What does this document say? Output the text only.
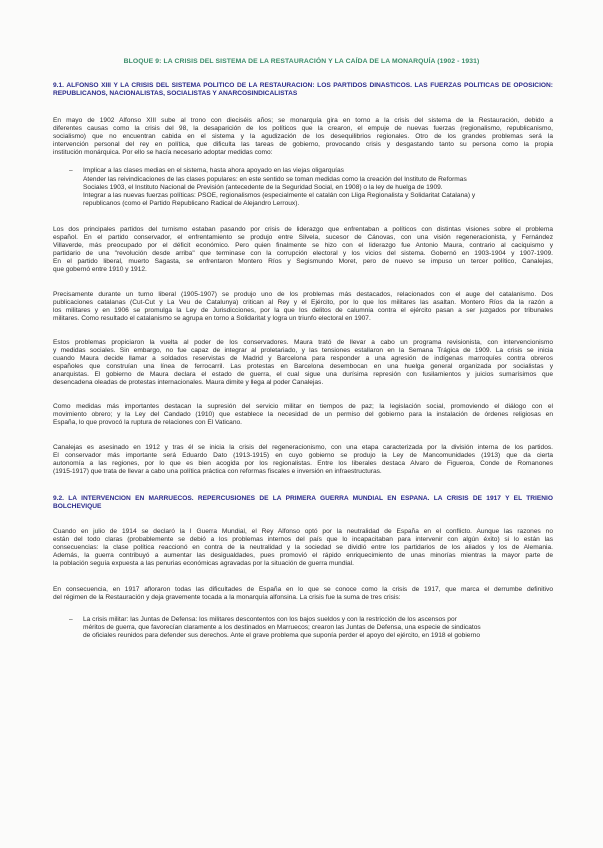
BLOQUE 9: LA CRISIS DEL SISTEMA DE LA RESTAURACIÓN Y LA CAÍDA DE LA MONARQUÍA (1902 - 1931)
9.1. ALFONSO XIII Y LA CRISIS DEL SISTEMA POLÍTICO DE LA RESTAURACIÓN: LOS PARTIDOS DINÁSTICOS. LAS FUERZAS POLÍTICAS DE OPOSICIÓN:
REPUBLICANOS, NACIONALISTAS, SOCIALISTAS Y ANARCOSINDICALISTAS
En mayo de 1902 Alfonso XIII sube al trono con dieciséis años; se monarquía gira en torno a la crisis del sistema de la Restauración, debido a
diferentes causas como la crisis del 98, la desaparición de los políticos que la crearon, el empuje de nuevas fuerzas (regionalismo, republicanismo,
socialismo) que no encuentran cabida en el sistema y la agudización de los desequilibrios regionales. Otro de los grandes problemas será la
intervención personal del rey en política, que dificulta las tareas de gobierno, provocando crisis y desgastando tanto su persona como la propia
institución monárquica. Por ello se hacía necesario adoptar medidas como:
– Implicar a las clases medias en el sistema, hasta ahora apoyado en las viejas oligarquías
Atender las reivindicaciones de las clases populares: en este sentido se toman medidas como la creación del Instituto de Reformas
Sociales 1903, el Instituto Nacional de Previsión (antecedente de la Seguridad Social, en 1908) o la ley de huelga de 1909.
Integrar a las nuevas fuerzas políticas: PSOE, regionalismos (especialmente el catalán con Lliga Regionalista y Solidaritat Catalana) y
republicanos (como el Partido Republicano Radical de Alejandro Lerroux).
Los dos principales partidos del turnismo estaban pasando por crisis de liderazgo que enfrentaban a políticos con distintas visiones sobre el problema
español. En el partido conservador, el enfrentamiento se produjo entre Silvela, sucesor de Cánovas, con una visión regeneracionista, y Fernández
Villaverde, más preocupado por el déficit económico. Pero quien finalmente se hizo con el liderazgo fue Antonio Maura, contrario al caciquismo y
partidario de una "revolución desde arriba" que terminase con la corrupción electoral y los vicios del sistema. Gobernó en 1903-1904 y 1907-1909.
En el partido liberal, muerto Sagasta, se enfrentaron Montero Ríos y Segismundo Moret, pero de nuevo se impuso un tercer político, Canalejas,
que gobernó entre 1910 y 1912.
Precisamente durante un turno liberal (1905-1907) se produjo uno de los problemas más destacados, relacionados con el auge del catalanismo. Dos
publicaciones catalanas (Cut-Cut y La Veu de Catalunya) critican al Rey y el Ejército, por lo que los militares las asaltan. Montero Ríos da la razón a
los militares y en 1906 se promulga la Ley de Jurisdicciones, por la que los delitos de calumnia contra el ejército pasan a ser juzgados por tribunales
militares. Como resultado el catalanismo se agrupa en torno a Solidaritat y logra un triunfo electoral en 1907.
Estos problemas propiciaron la vuelta al poder de los conservadores. Maura trató de llevar a cabo un programa revisionista, con intervencionismo
y medidas sociales. Sin embargo, no fue capaz de integrar al proletariado, y las tensiones estallaron en la Semana Trágica de 1909. La crisis se inicia
cuando Maura decide llamar a soldados reservistas de Madrid y Barcelona para responder a una agresión de indígenas marroquíes contra obreros
españoles que construían una línea de ferrocarril. Las protestas en Barcelona desembocan en una huelga general organizada por socialistas y
anarquistas. El gobierno de Maura declara el estado de guerra, el cual sigue una durísima represión con fusilamientos y juicios sumarísimos que
desencadena oleadas de protestas internacionales. Maura dimite y llega al poder Canalejas.
Como medidas más importantes destacan la supresión del servicio militar en tiempos de paz; la legislación social, promoviendo el diálogo con el
movimiento obrero; y la Ley del Candado (1910) que establece la necesidad de un permiso del gobierno para la instalación de órdenes religiosas en
España, lo que provocó la ruptura de relaciones con El Vaticano.
Canalejas es asesinado en 1912 y tras él se inicia la crisis del regeneracionismo, con una etapa caracterizada por la división interna de los partidos.
El conservador más importante será Eduardo Dato (1913-1915) en cuyo gobierno se produjo la Ley de Mancomunidades (1913) que da cierta
autonomía a las regiones, por lo que es bien acogida por los regionalistas. Entre los liberales destaca Álvaro de Figueroa, Conde de Romanones
(1915-1917) que trata de llevar a cabo una política práctica con reformas fiscales e inversión en infraestructuras.
9.2. LA INTERVENCIÓN EN MARRUECOS. REPERCUSIONES DE LA PRIMERA GUERRA MUNDIAL EN ESPAÑA. LA CRISIS DE 1917 Y EL TRIENIO
BOLCHEVIQUE
Cuando en julio de 1914 se declaró la I Guerra Mundial, el Rey Alfonso optó por la neutralidad de España en el conflicto. Aunque las razones no
están del todo claras (probablemente se debió a los problemas internos del país que lo incapacitaban para intervenir con algún éxito) si lo están las
consecuencias: la clase política reaccionó en contra de la neutralidad y la sociedad se dividió entre los partidarios de los aliados y los de Alemania.
Además, la guerra contribuyó a aumentar las desigualdades, pues promovió el rápido enriquecimiento de unas minorías mientras la mayor parte de
la población seguía expuesta a las penurias económicas agravadas por la situación de guerra mundial.
En consecuencia, en 1917 afloraron todas las dificultades de España en lo que se conoce como la crisis de 1917, que marca el derrumbe definitivo
del régimen de la Restauración y deja gravemente tocada a la monarquía alfonsina. La crisis fue la suma de tres crisis:
– La crisis militar: las Juntas de Defensa: los militares descontentos con los bajos sueldos y con la restricción de los ascensos por
méritos de guerra, que favorecían claramente a los destinados en Marruecos; crearon las Juntas de Defensa, una especie de sindicatos
de oficiales reunidos para defender sus derechos. Ante el grave problema que suponía perder el apoyo del ejército, en 1918 el gobierno
